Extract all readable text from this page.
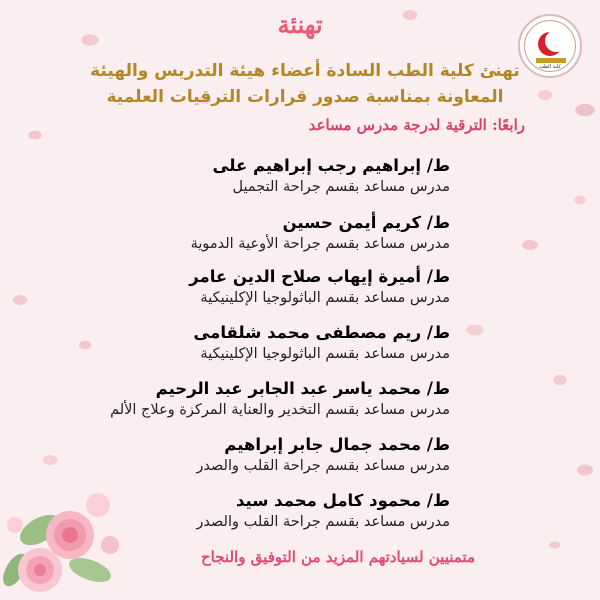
كلية الطب
تهنئة
تهنئ كلية الطب السادة أعضاء هيئة التدريس والهيئة
المعاونة بمناسبة صدور قرارات الترقيات العلمية
رابعًا: الترقية لدرجة مدرس مساعد
ط/ إبراهيم رجب إبراهيم على
مدرس مساعد بقسم جراحة التجميل
ط/ كريم أيمن حسين
مدرس مساعد بقسم جراحة الأوعية الدموية
ط/ أميرة إيهاب صلاح الدين عامر
مدرس مساعد بقسم الباثولوجيا الإكلينيكية
ط/ ريم مصطفى محمد شلقامى
مدرس مساعد بقسم الباثولوجيا الإكلينيكية
ط/ محمد ياسر عبد الجابر عبد الرحيم
مدرس مساعد بقسم التخدير والعناية المركزة وعلاج الألم
ط/ محمد جمال جابر إبراهيم
مدرس مساعد بقسم جراحة القلب والصدر
ط/ محمود كامل محمد سيد
مدرس مساعد بقسم جراحة القلب والصدر
متمنيين لسيادتهم المزيد من التوفيق والنجاح
